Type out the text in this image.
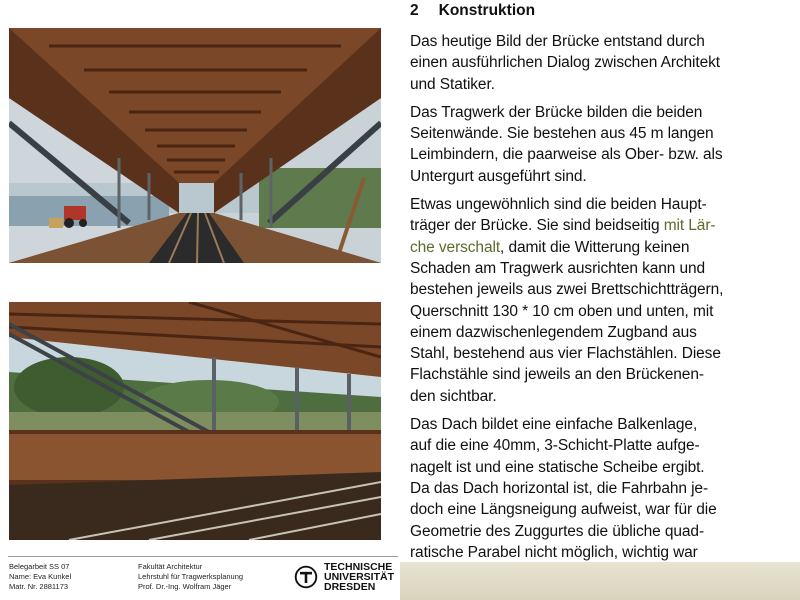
2 Konstruktion

Das heutige Bild der Brücke entstand durch

einen ausführlichen Dialog zwischen Architekt

und Statiker.

Das Tragwerk der Brücke bilden die beiden

Seitenwände. Sie bestehen aus 45 m langen

Leimbindern, die paarweise als Ober- bzw. als

Untergurt ausgeführt sind.

Etwas ungewöhnlich sind die beiden Haupt-

träger der Brücke. Sie sind beidseitig mit Lär-

che verschalt, damit die Witterung keinen

Schaden am Tragwerk ausrichten kann und

bestehen jeweils aus zwei Brettschichtträgern,

Querschnitt 130 * 10 cm oben und unten, mit

einem dazwischenlegendem Zugband aus

Stahl, bestehend aus vier Flachstählen. Diese

Flachstähle sind jeweils an den Brückenen-

den sichtbar.

Das Dach bildet eine einfache Balkenlage,

auf die eine 40mm, 3-Schicht-Platte aufge-

nagelt ist und eine statische Scheibe ergibt.

Da das Dach horizontal ist, die Fahrbahn je-

doch eine Längsneigung aufweist, war für die

Geometrie des Zuggurtes die übliche quad-

ratische Parabel nicht möglich, wichtig war

Belegarbeit SS 07
Name: Eva Kunkel
Matr. Nr. 2881173
Fakultät Architektur
Lehrstuhl für Tragwerksplanung
Prof. Dr.-Ing. Wolfram Jäger
TECHNISCHE
UNIVERSITÄT
DRESDEN
